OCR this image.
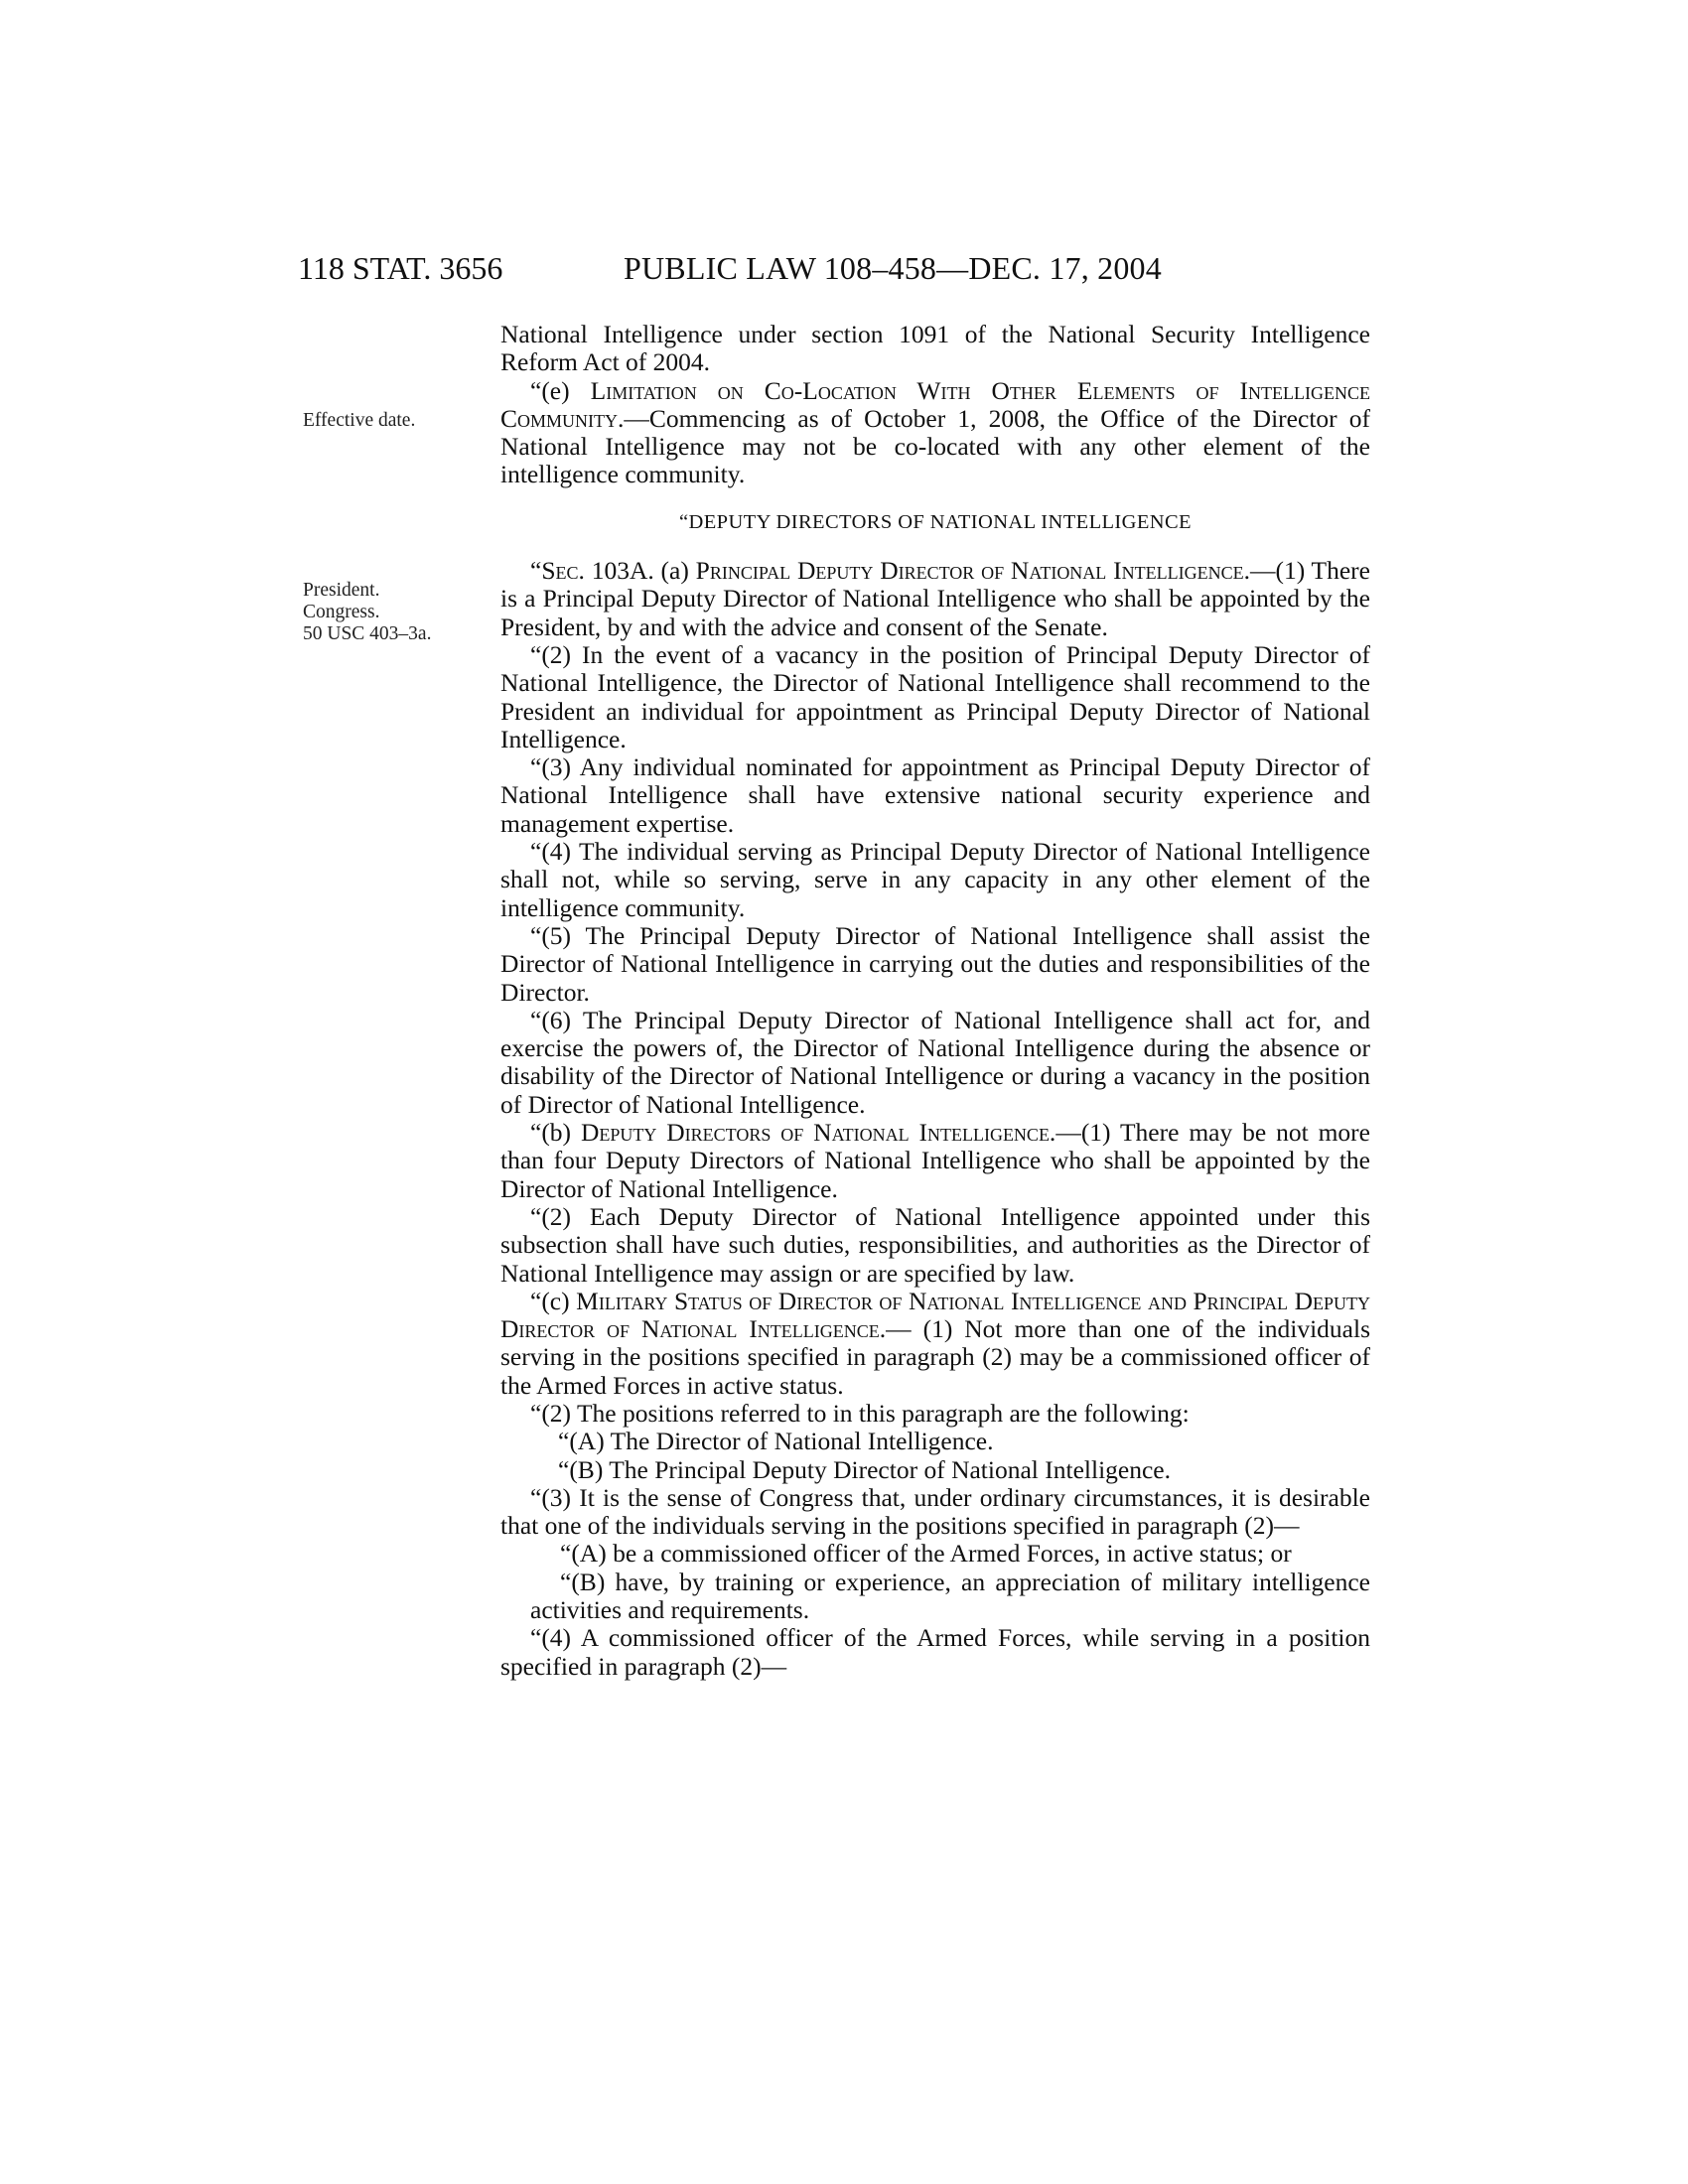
118 STAT. 3656	PUBLIC LAW 108–458—DEC. 17, 2004
Effective date.
President.
Congress.
50 USC 403–3a.

National Intelligence under section 1091 of the National Security Intelligence Reform Act of 2004.

“(e) Limitation on Co-Location With Other Elements of Intelligence Community.—Commencing as of October 1, 2008, the Office of the Director of National Intelligence may not be co-located with any other element of the intelligence community.

“DEPUTY DIRECTORS OF NATIONAL INTELLIGENCE

“Sec. 103A. (a) Principal Deputy Director of National Intelligence.—(1) There is a Principal Deputy Director of National Intelligence who shall be appointed by the President, by and with the advice and consent of the Senate.

“(2) In the event of a vacancy in the position of Principal Deputy Director of National Intelligence, the Director of National Intelligence shall recommend to the President an individual for appointment as Principal Deputy Director of National Intelligence.

“(3) Any individual nominated for appointment as Principal Deputy Director of National Intelligence shall have extensive national security experience and management expertise.

“(4) The individual serving as Principal Deputy Director of National Intelligence shall not, while so serving, serve in any capacity in any other element of the intelligence community.

“(5) The Principal Deputy Director of National Intelligence shall assist the Director of National Intelligence in carrying out the duties and responsibilities of the Director.

“(6) The Principal Deputy Director of National Intelligence shall act for, and exercise the powers of, the Director of National Intelligence during the absence or disability of the Director of National Intelligence or during a vacancy in the position of Director of National Intelligence.

“(b) Deputy Directors of National Intelligence.—(1) There may be not more than four Deputy Directors of National Intelligence who shall be appointed by the Director of National Intelligence.

“(2) Each Deputy Director of National Intelligence appointed under this subsection shall have such duties, responsibilities, and authorities as the Director of National Intelligence may assign or are specified by law.

“(c) Military Status of Director of National Intelligence and Principal Deputy Director of National Intelligence.— (1) Not more than one of the individuals serving in the positions specified in paragraph (2) may be a commissioned officer of the Armed Forces in active status.

“(2) The positions referred to in this paragraph are the following:

“(A) The Director of National Intelligence.

“(B) The Principal Deputy Director of National Intelligence.

“(3) It is the sense of Congress that, under ordinary circumstances, it is desirable that one of the individuals serving in the positions specified in paragraph (2)—

“(A) be a commissioned officer of the Armed Forces, in active status; or

“(B) have, by training or experience, an appreciation of military intelligence activities and requirements.

“(4) A commissioned officer of the Armed Forces, while serving in a position specified in paragraph (2)—
